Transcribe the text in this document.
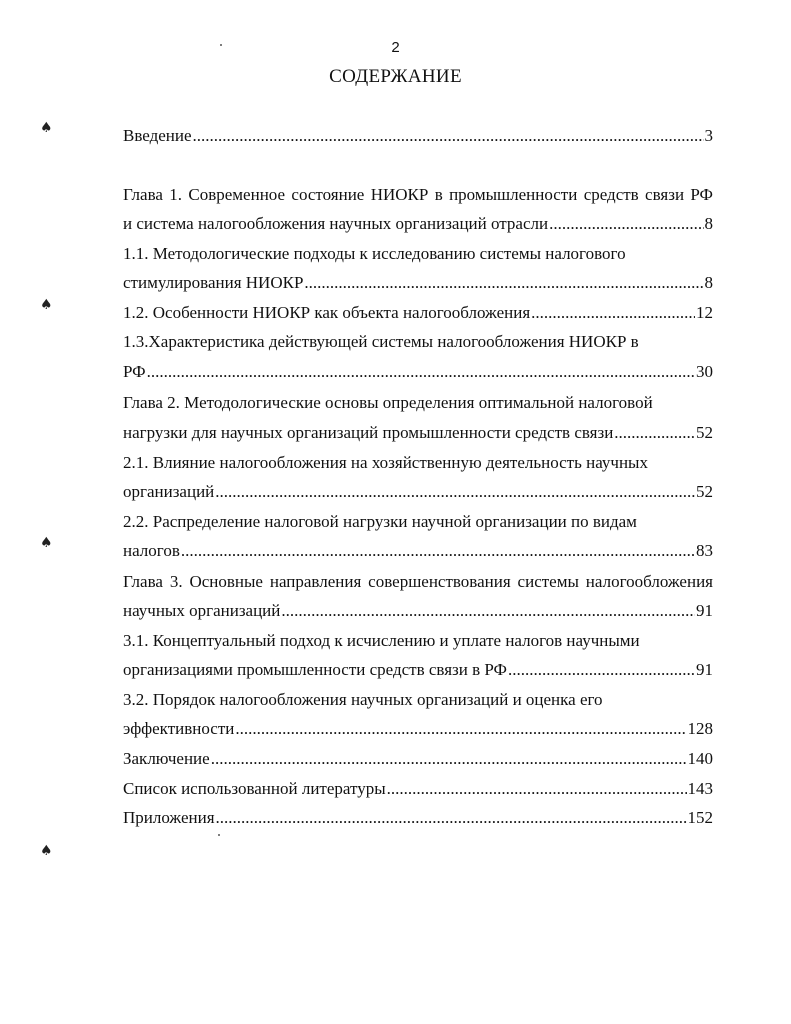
2
СОДЕРЖАНИЕ
♠
♠
♠
♠
Введение .....	3
Глава 1. Современное состояние НИОКР в промышленности средств связи РФ
и система налогообложения научных организаций отрасли .....	8
1.1. Методологические подходы к исследованию системы налогового
стимулирования НИОКР .....	8
1.2. Особенности НИОКР как объекта налогообложения .....	12
1.3.Характеристика действующей системы налогообложения НИОКР в
РФ .....	30
Глава 2. Методологические основы определения оптимальной налоговой
нагрузки для научных организаций промышленности средств связи .....	52
2.1. Влияние налогообложения на хозяйственную деятельность научных
организаций .....	52
2.2. Распределение налоговой нагрузки научной организации по видам
налогов .....	83
Глава 3. Основные направления совершенствования системы налогообложения
научных организаций .....	91
3.1. Концептуальный подход к исчислению и уплате налогов научными
организациями промышленности средств связи в РФ .....	91
3.2. Порядок налогообложения научных организаций и оценка его
эффективности .....	128
Заключение .....	140
Список использованной литературы .....	143
Приложения .....	152
